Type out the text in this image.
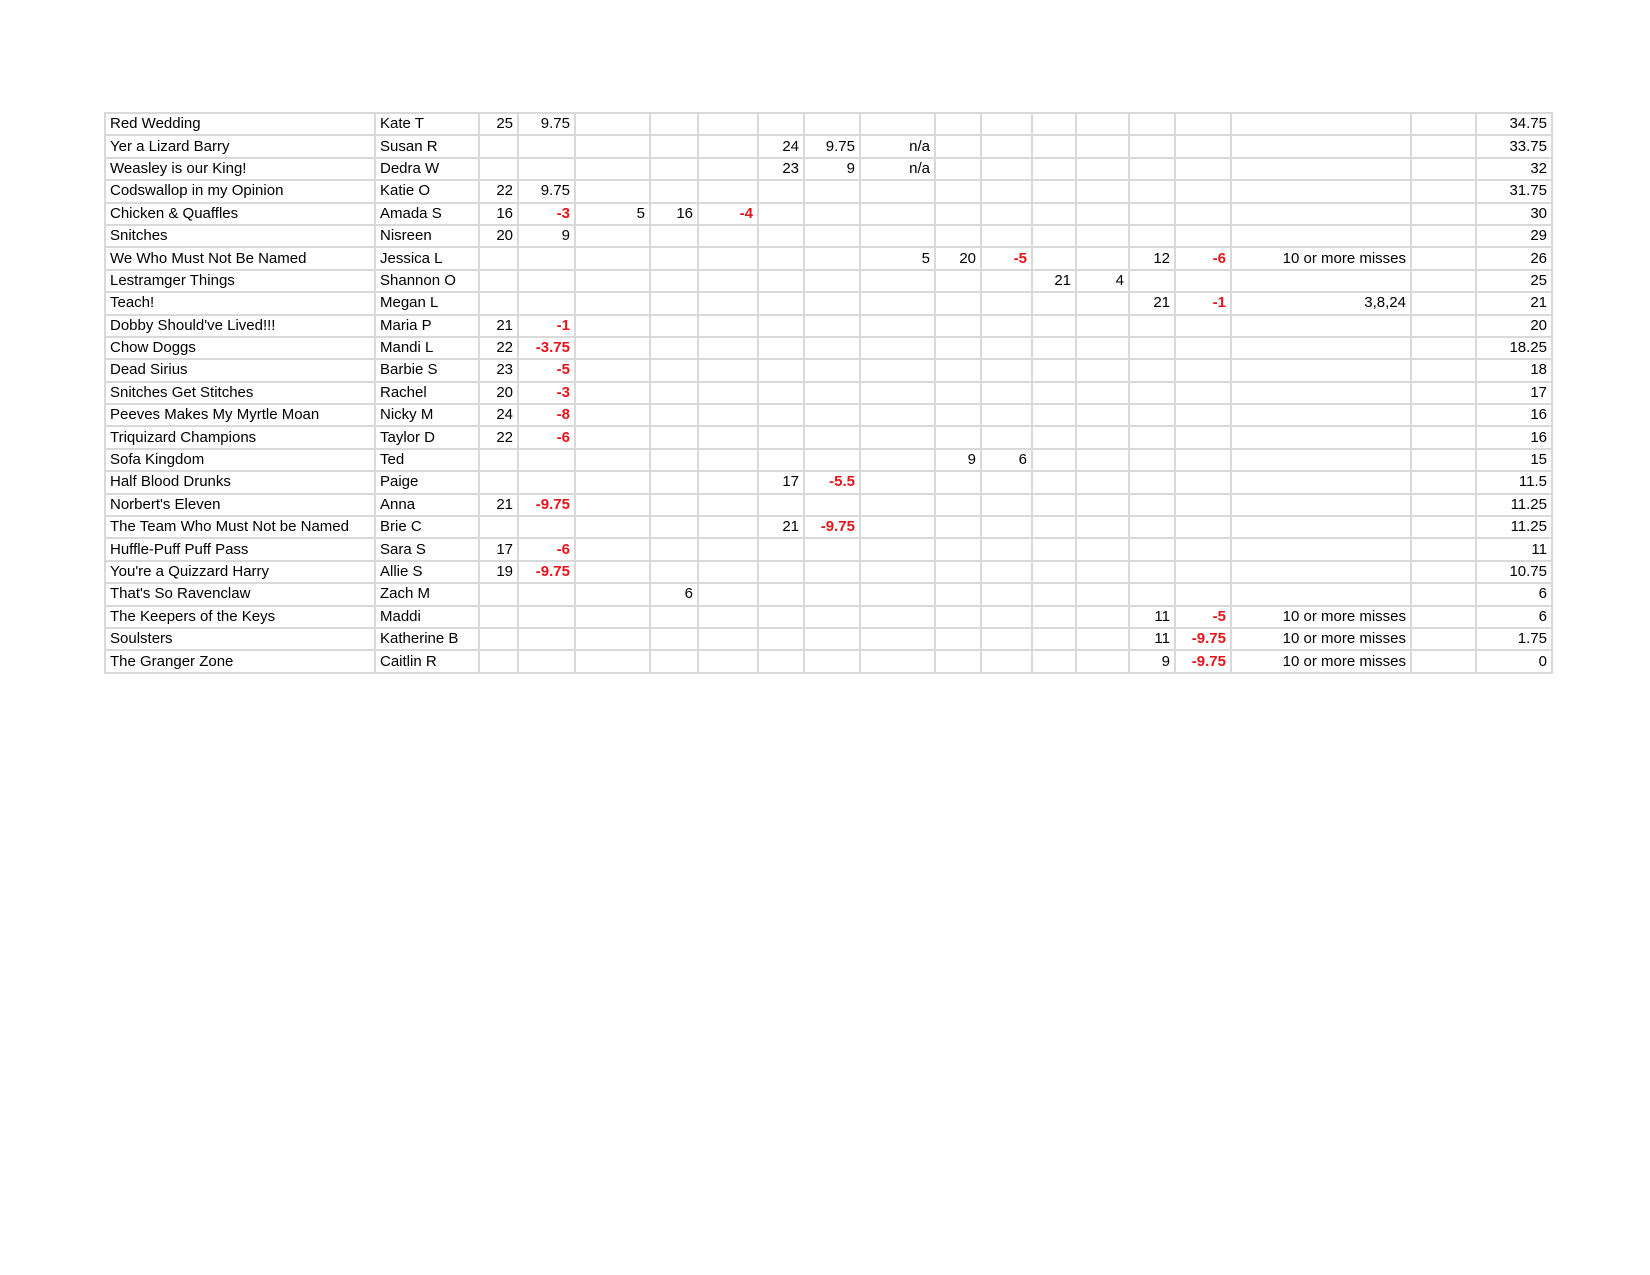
Red Wedding	Kate T	25	9.75															34.75	
Yer a Lizard Barry	Susan R						24	9.75	n/a									33.75	
Weasley is our King!	Dedra W						23	9	n/a									32	
Codswallop in my Opinion	Katie O	22	9.75															31.75	
Chicken & Quaffles	Amada S	16	-3	5	16	-4												30	
Snitches	Nisreen	20	9															29	
We Who Must Not Be Named	Jessica L								5	20	-5			12	-6	10 or more misses		26	
Lestramger Things	Shannon O											21	4					25	
Teach!	Megan L													21	-1	3,8,24		21	
Dobby Should've Lived!!!	Maria P	21	-1															20	
Chow Doggs	Mandi L	22	-3.75															18.25	
Dead Sirius	Barbie S	23	-5															18	
Snitches Get Stitches	Rachel	20	-3															17	
Peeves Makes My Myrtle Moan	Nicky M	24	-8															16	
Triquizard Champions	Taylor D	22	-6															16	
Sofa Kingdom	Ted									9	6							15	
Half Blood Drunks	Paige						17	-5.5										11.5	
Norbert's Eleven	Anna	21	-9.75															11.25	
The Team Who Must Not be Named	Brie C						21	-9.75										11.25	
Huffle-Puff Puff Pass	Sara S	17	-6															11	
You're a Quizzard Harry	Allie S	19	-9.75															10.75	
That's So Ravenclaw	Zach M				6													6	
The Keepers of the Keys	Maddi													11	-5	10 or more misses		6	
Soulsters	Katherine B													11	-9.75	10 or more misses		1.75	
The Granger Zone	Caitlin R													9	-9.75	10 or more misses		0	
